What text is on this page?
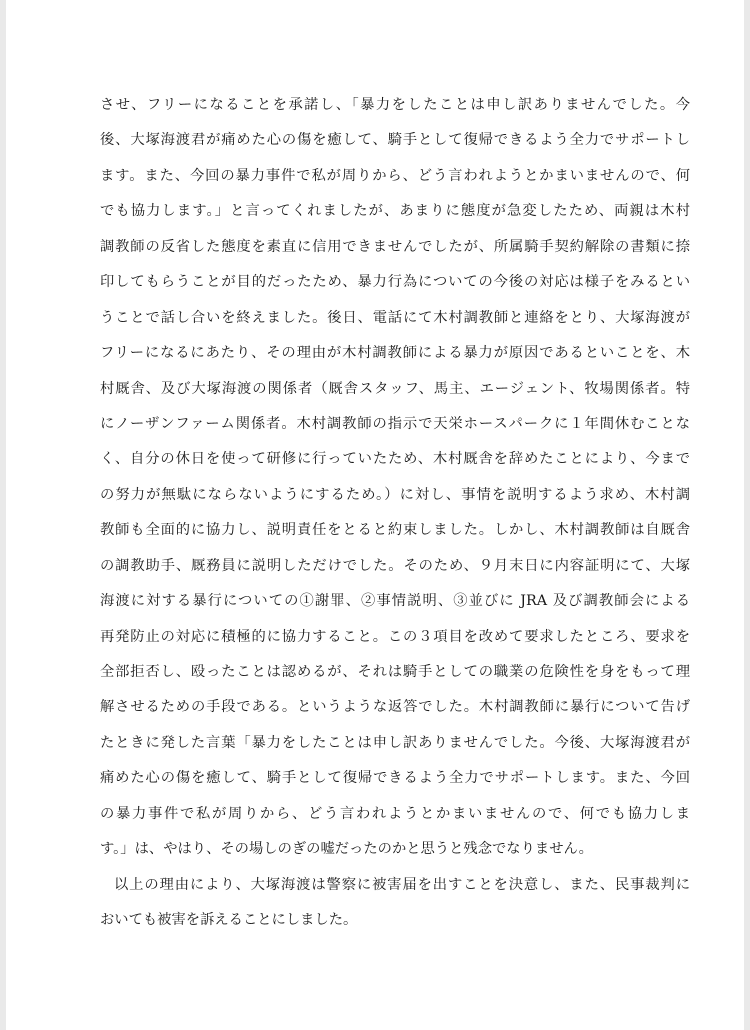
させ、フリーになることを承諾し、「暴力をしたことは申し訳ありませんでした。今
後、大塚海渡君が痛めた心の傷を癒して、騎手として復帰できるよう全力でサポートし
ます。また、今回の暴力事件で私が周りから、どう言われようとかまいませんので、何
でも協力します。」と言ってくれましたが、あまりに態度が急変したため、両親は木村
調教師の反省した態度を素直に信用できませんでしたが、所属騎手契約解除の書類に捺
印してもらうことが目的だったため、暴力行為についての今後の対応は様子をみるとい
うことで話し合いを終えました。後日、電話にて木村調教師と連絡をとり、大塚海渡が
フリーになるにあたり、その理由が木村調教師による暴力が原因であるといことを、木
村厩舎、及び大塚海渡の関係者（厩舎スタッフ、馬主、エージェント、牧場関係者。特
にノーザンファーム関係者。木村調教師の指示で天栄ホースパークに１年間休むことな
く、自分の休日を使って研修に行っていたため、木村厩舎を辞めたことにより、今まで
の努力が無駄にならないようにするため。）に対し、事情を説明するよう求め、木村調
教師も全面的に協力し、説明責任をとると約束しました。しかし、木村調教師は自厩舎
の調教助手、厩務員に説明しただけでした。そのため、９月末日に内容証明にて、大塚
海渡に対する暴行についての①謝罪、②事情説明、③並びに JRA 及び調教師会による
再発防止の対応に積極的に協力すること。この３項目を改めて要求したところ、要求を
全部拒否し、殴ったことは認めるが、それは騎手としての職業の危険性を身をもって理
解させるための手段である。というような返答でした。木村調教師に暴行について告げ
たときに発した言葉「暴力をしたことは申し訳ありませんでした。今後、大塚海渡君が
痛めた心の傷を癒して、騎手として復帰できるよう全力でサポートします。また、今回
の暴力事件で私が周りから、どう言われようとかまいませんので、何でも協力しま
す。」は、やはり、その場しのぎの嘘だったのかと思うと残念でなりません。
以上の理由により、大塚海渡は警察に被害届を出すことを決意し、また、民事裁判に
おいても被害を訴えることにしました。
